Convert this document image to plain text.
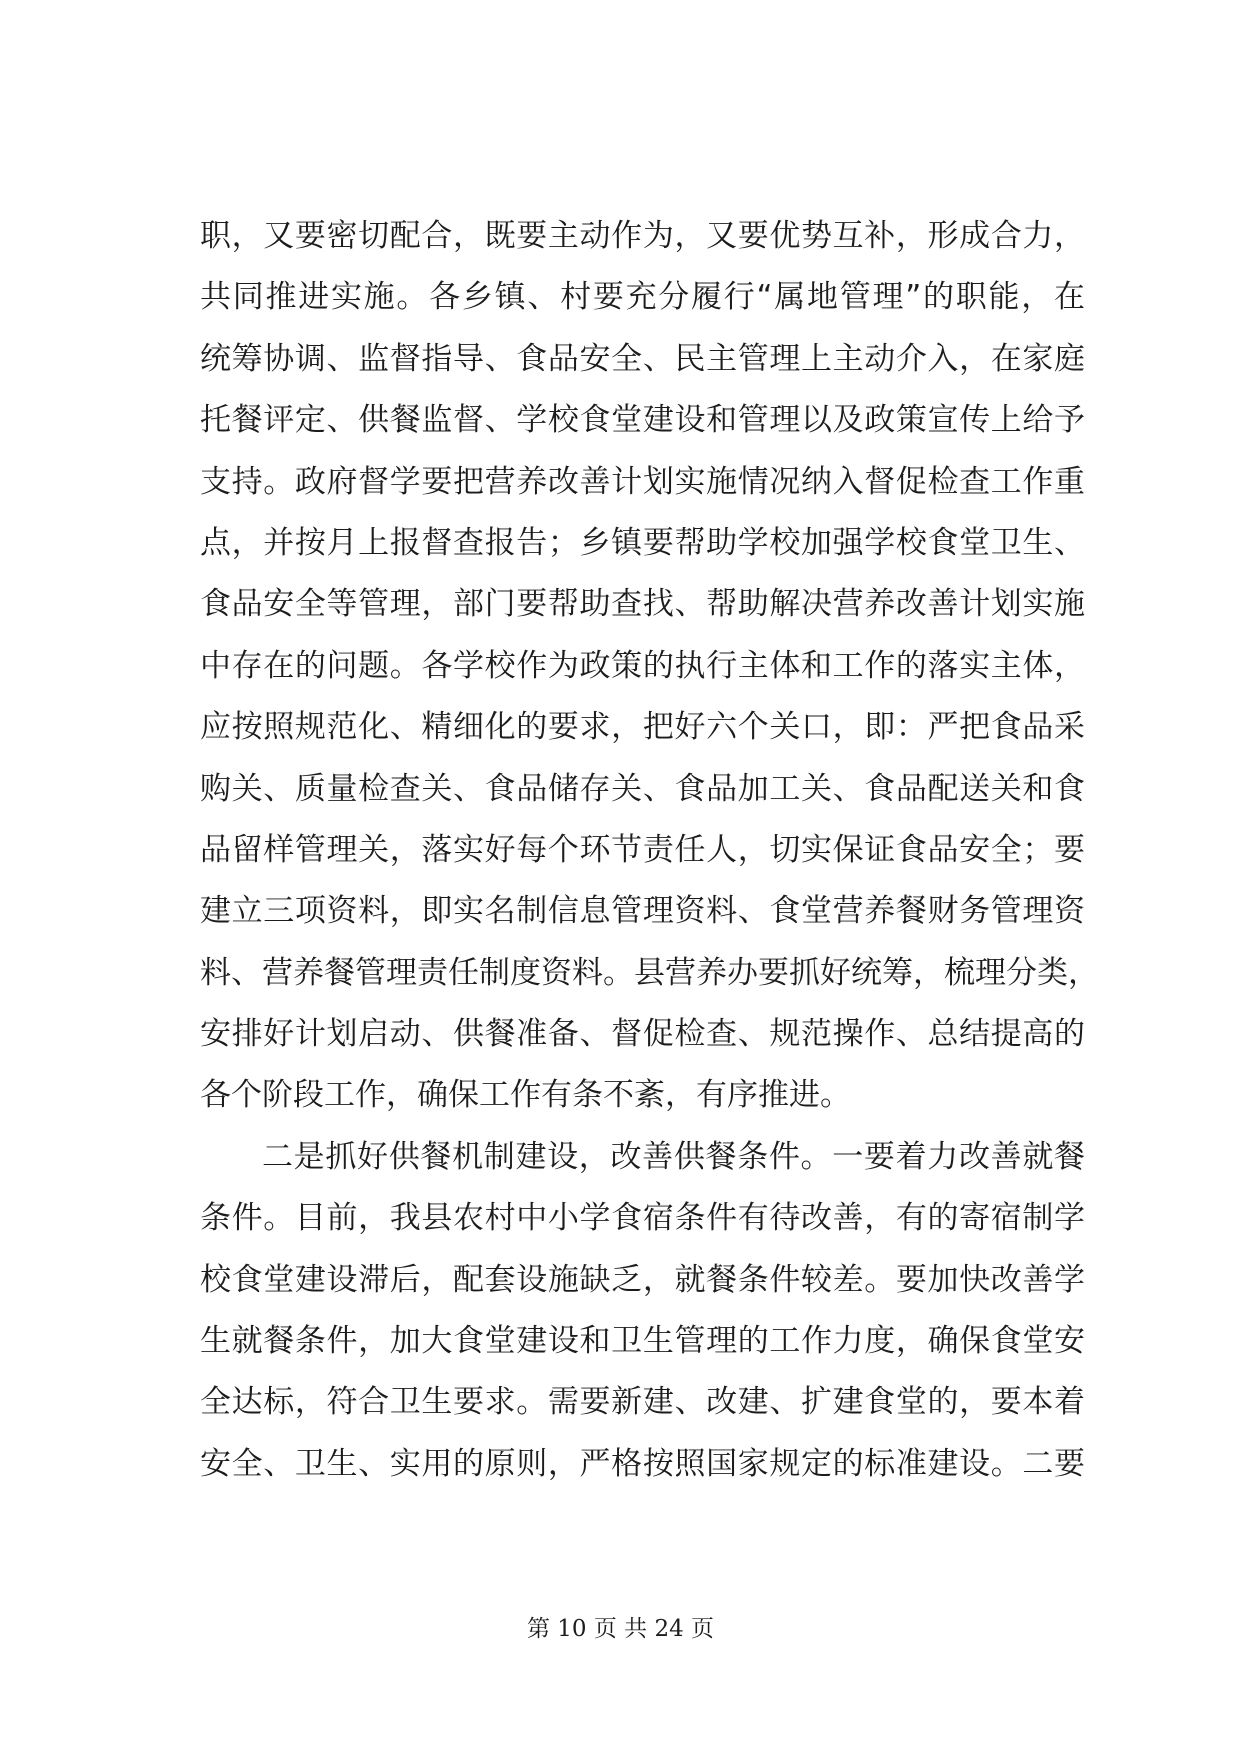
职，又要密切配合，既要主动作为，又要优势互补，形成合力，
共同推进实施。各乡镇、村要充分履行“属地管理”的职能，在
统筹协调、监督指导、食品安全、民主管理上主动介入，在家庭
托餐评定、供餐监督、学校食堂建设和管理以及政策宣传上给予
支持。政府督学要把营养改善计划实施情况纳入督促检查工作重
点，并按月上报督查报告；乡镇要帮助学校加强学校食堂卫生、
食品安全等管理，部门要帮助查找、帮助解决营养改善计划实施
中存在的问题。各学校作为政策的执行主体和工作的落实主体，
应按照规范化、精细化的要求，把好六个关口，即：严把食品采
购关、质量检查关、食品储存关、食品加工关、食品配送关和食
品留样管理关，落实好每个环节责任人，切实保证食品安全；要
建立三项资料，即实名制信息管理资料、食堂营养餐财务管理资
料、营养餐管理责任制度资料。县营养办要抓好统筹，梳理分类，
安排好计划启动、供餐准备、督促检查、规范操作、总结提高的
各个阶段工作，确保工作有条不紊，有序推进。
二是抓好供餐机制建设，改善供餐条件。一要着力改善就餐
条件。目前，我县农村中小学食宿条件有待改善，有的寄宿制学
校食堂建设滞后，配套设施缺乏，就餐条件较差。要加快改善学
生就餐条件，加大食堂建设和卫生管理的工作力度，确保食堂安
全达标，符合卫生要求。需要新建、改建、扩建食堂的，要本着
安全、卫生、实用的原则，严格按照国家规定的标准建设。二要
第 10 页 共 24 页
